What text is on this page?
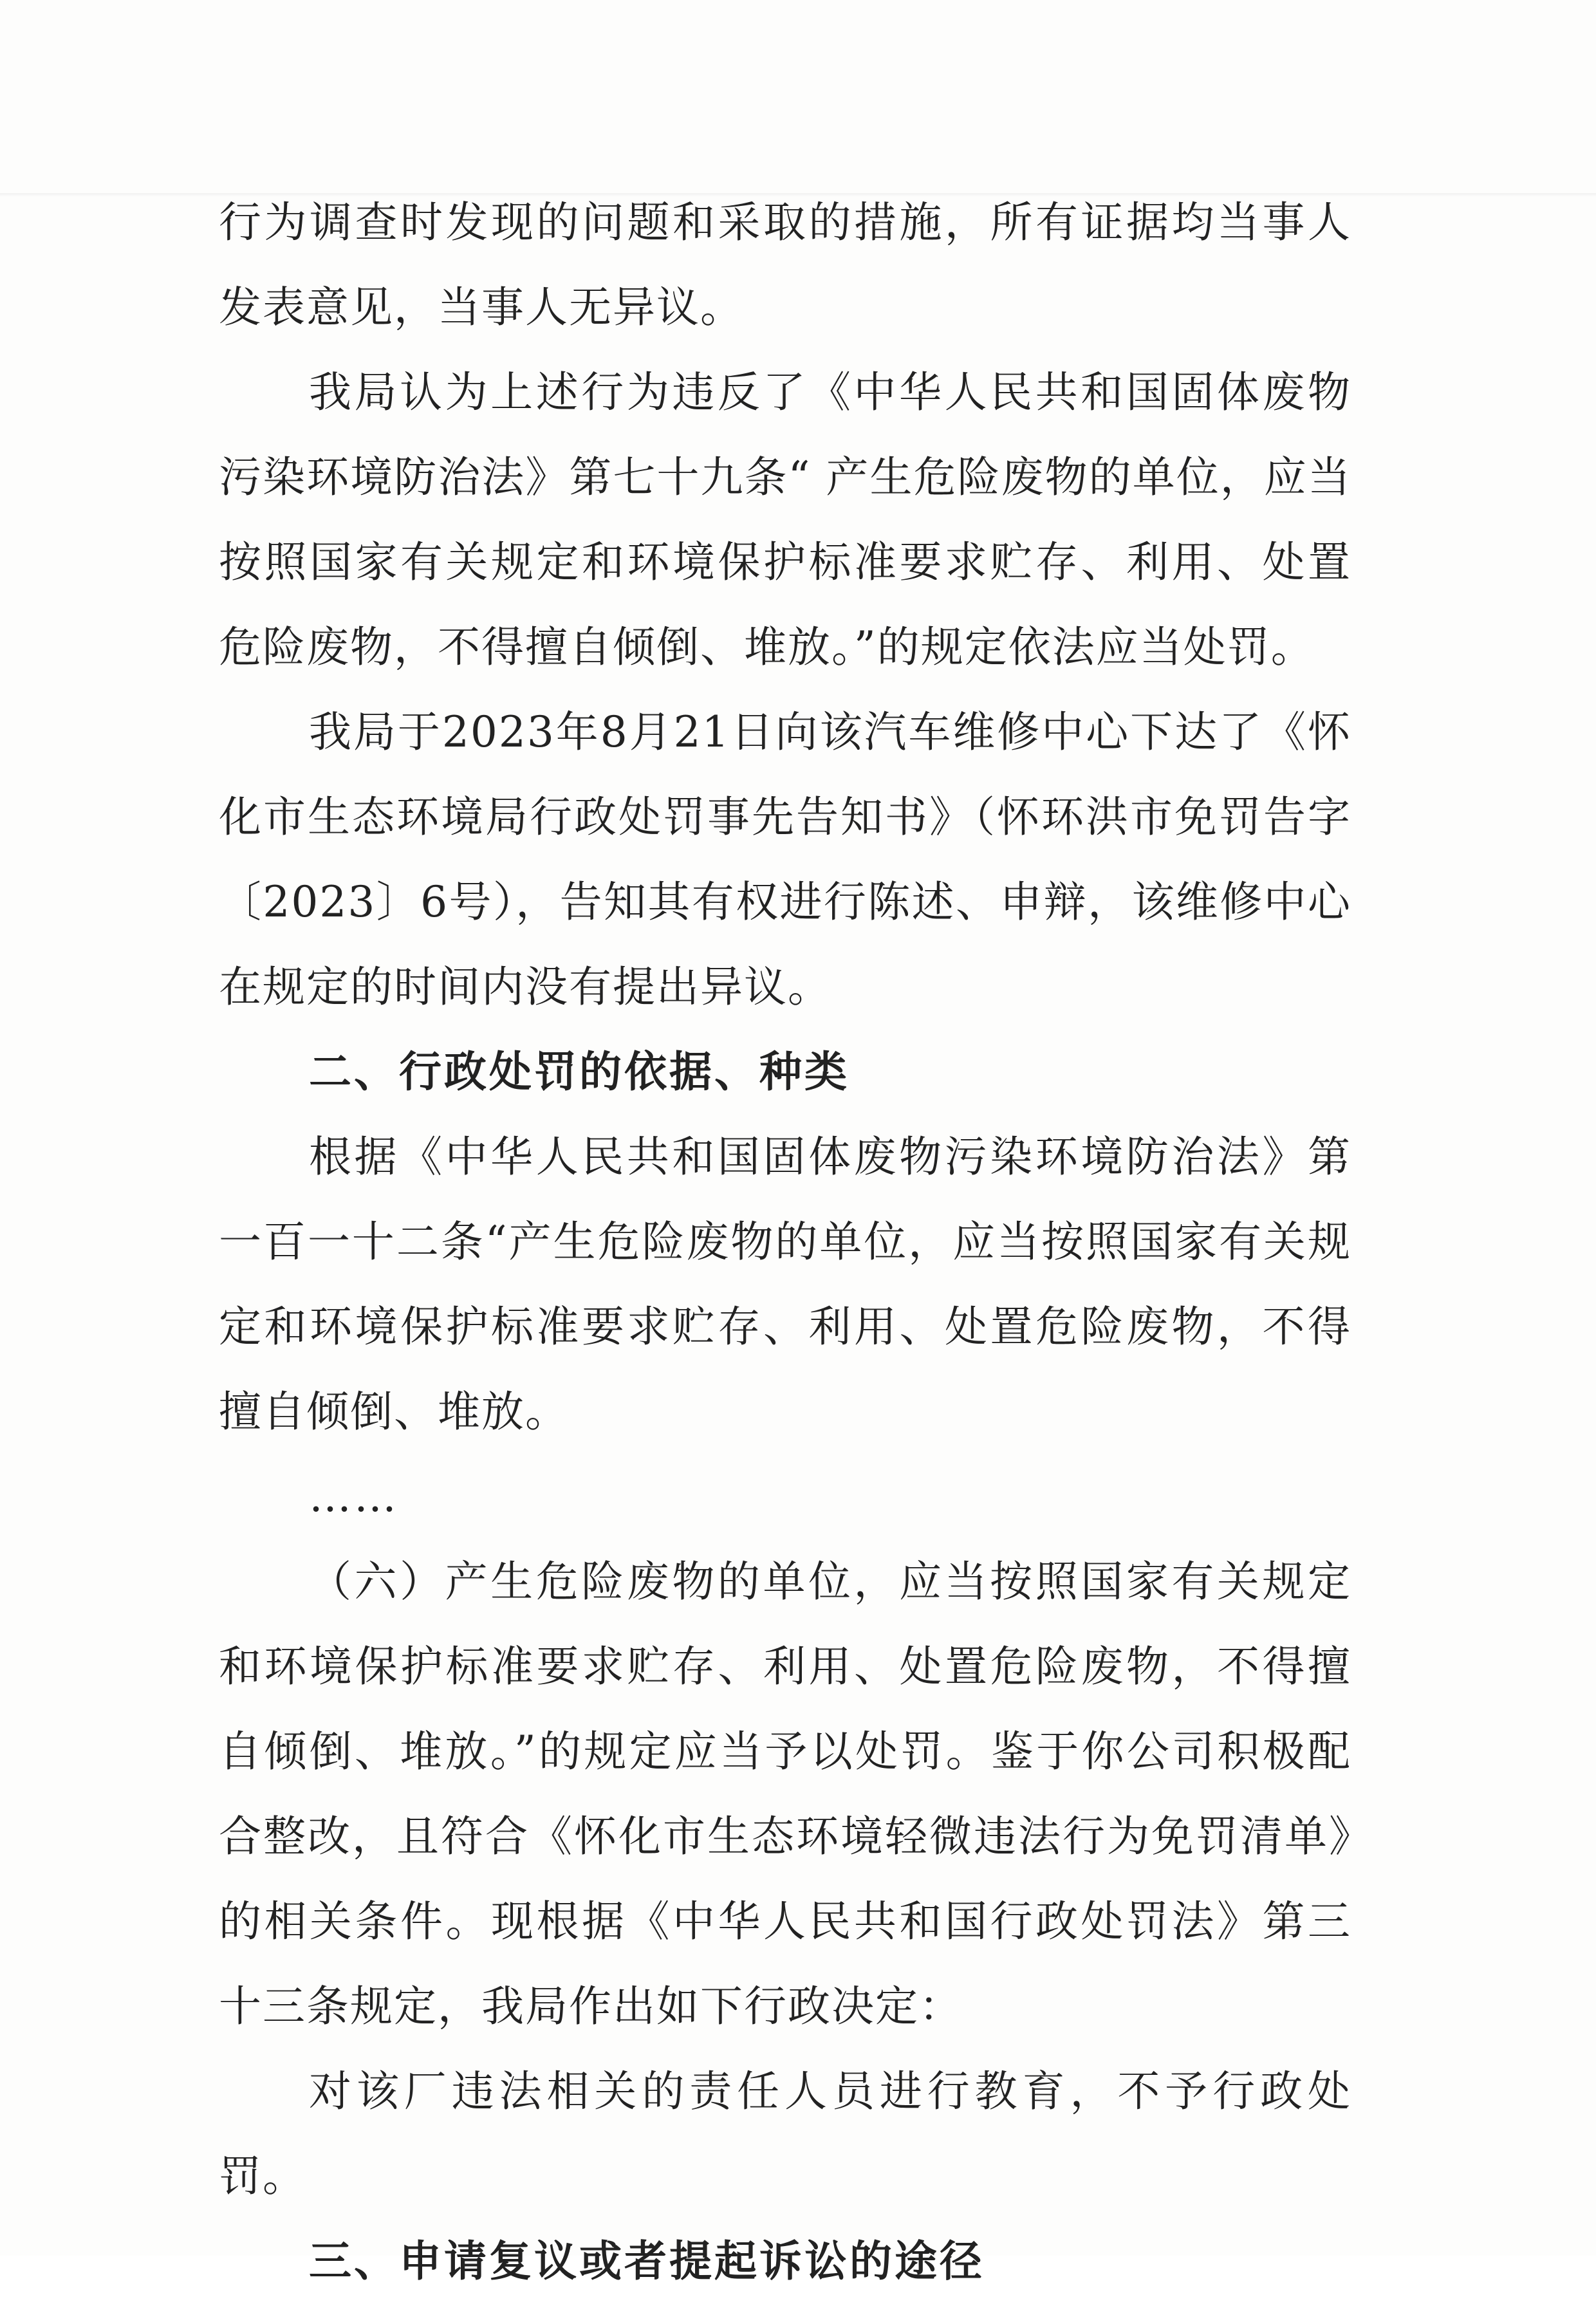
行为调查时发现的问题和采取的措施，所有证据均当事人发表意见，当事人无异议。

我局认为上述行为违反了《中华人民共和国固体废物污染环境防治法》第七十九条“ 产生危险废物的单位，应当按照国家有关规定和环境保护标准要求贮存、利用、处置危险废物，不得擅自倾倒、堆放。”的规定依法应当处罚。

我局于2023年8月21日向该汽车维修中心下达了《怀化市生态环境局行政处罚事先告知书》（怀环洪市免罚告字〔2023〕6号），告知其有权进行陈述、申辩，该维修中心在规定的时间内没有提出异议。

二、行政处罚的依据、种类

根据《中华人民共和国固体废物污染环境防治法》第一百一十二条“产生危险废物的单位，应当按照国家有关规定和环境保护标准要求贮存、利用、处置危险废物，不得擅自倾倒、堆放。

……

（六）产生危险废物的单位，应当按照国家有关规定和环境保护标准要求贮存、利用、处置危险废物，不得擅自倾倒、堆放。”的规定应当予以处罚。鉴于你公司积极配合整改，且符合《怀化市生态环境轻微违法行为免罚清单》的相关条件。现根据《中华人民共和国行政处罚法》第三十三条规定，我局作出如下行政决定：

对该厂违法相关的责任人员进行教育，不予行政处罚。

三、申请复议或者提起诉讼的途径
